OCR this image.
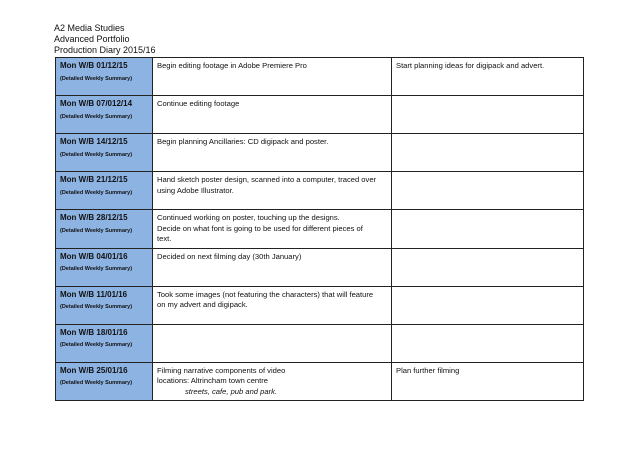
A2 Media Studies
Advanced Portfolio
Production Diary 2015/16
Mon W/B 01/12/15
(Detailed Weekly Summary)	Begin editing footage in Adobe Premiere Pro	Start planning ideas for digipack and advert.

Mon W/B 07/012/14
(Detailed Weekly Summary)	Continue editing footage	

Mon W/B 14/12/15
(Detailed Weekly Summary)	Begin planning Ancillaries: CD digipack and poster.	

Mon W/B 21/12/15
(Detailed Weekly Summary)	Hand sketch poster design, scanned into a computer, traced over
using Adobe Illustrator.	

Mon W/B 28/12/15
(Detailed Weekly Summary)	Continued working on poster, touching up the designs.
Decide on what font is going to be used for different pieces of
text.	

Mon W/B 04/01/16
(Detailed Weekly Summary)	Decided on next filming day (30th January)	

Mon W/B 11/01/16
(Detailed Weekly Summary)	Took some images (not featuring the characters) that will feature
on my advert and digipack.	

Mon W/B 18/01/16
(Detailed Weekly Summary)		

Mon W/B 25/01/16
(Detailed Weekly Summary)	Filming narrative components of video
locations: Altrincham town centre
streets, cafe, pub and park.	Plan further filming
